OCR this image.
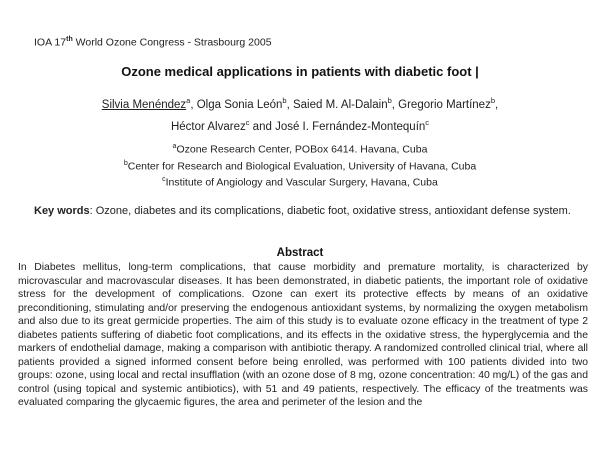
IOA 17th World Ozone Congress - Strasbourg 2005
Ozone medical applications in patients with diabetic foot |
Silvia Menéndez$^a$, Olga Sonia León$^b$, Saied M. Al-Dalain$^b$, Gregorio Martínez$^b$,
Héctor Alvarez$^c$ and José I. Fernández-Montequín$^c$
$^a$Ozone Research Center, POBox 6414. Havana, Cuba
$^b$Center for Research and Biological Evaluation, University of Havana, Cuba
$^c$Institute of Angiology and Vascular Surgery, Havana, Cuba
Key words: Ozone, diabetes and its complications, diabetic foot, oxidative stress, antioxidant defense system.
Abstract
In Diabetes mellitus, long-term complications, that cause morbidity and premature mortality, is characterized by microvascular and macrovascular diseases. It has been demonstrated, in diabetic patients, the important role of oxidative stress for the development of complications. Ozone can exert its protective effects by means of an oxidative preconditioning, stimulating and/or preserving the endogenous antioxidant systems, by normalizing the oxygen metabolism and also due to its great germicide properties. The aim of this study is to evaluate ozone efficacy in the treatment of type 2 diabetes patients suffering of diabetic foot complications, and its effects in the oxidative stress, the hyperglycemia and the markers of endothelial damage, making a comparison with antibiotic therapy. A randomized controlled clinical trial, where all patients provided a signed informed consent before being enrolled, was performed with 100 patients divided into two groups: ozone, using local and rectal insufflation (with an ozone dose of 8 mg, ozone concentration: 40 mg/L) of the gas and control (using topical and systemic antibiotics), with 51 and 49 patients, respectively. The efficacy of the treatments was evaluated comparing the glycaemic figures, the area and perimeter of the lesion and the
